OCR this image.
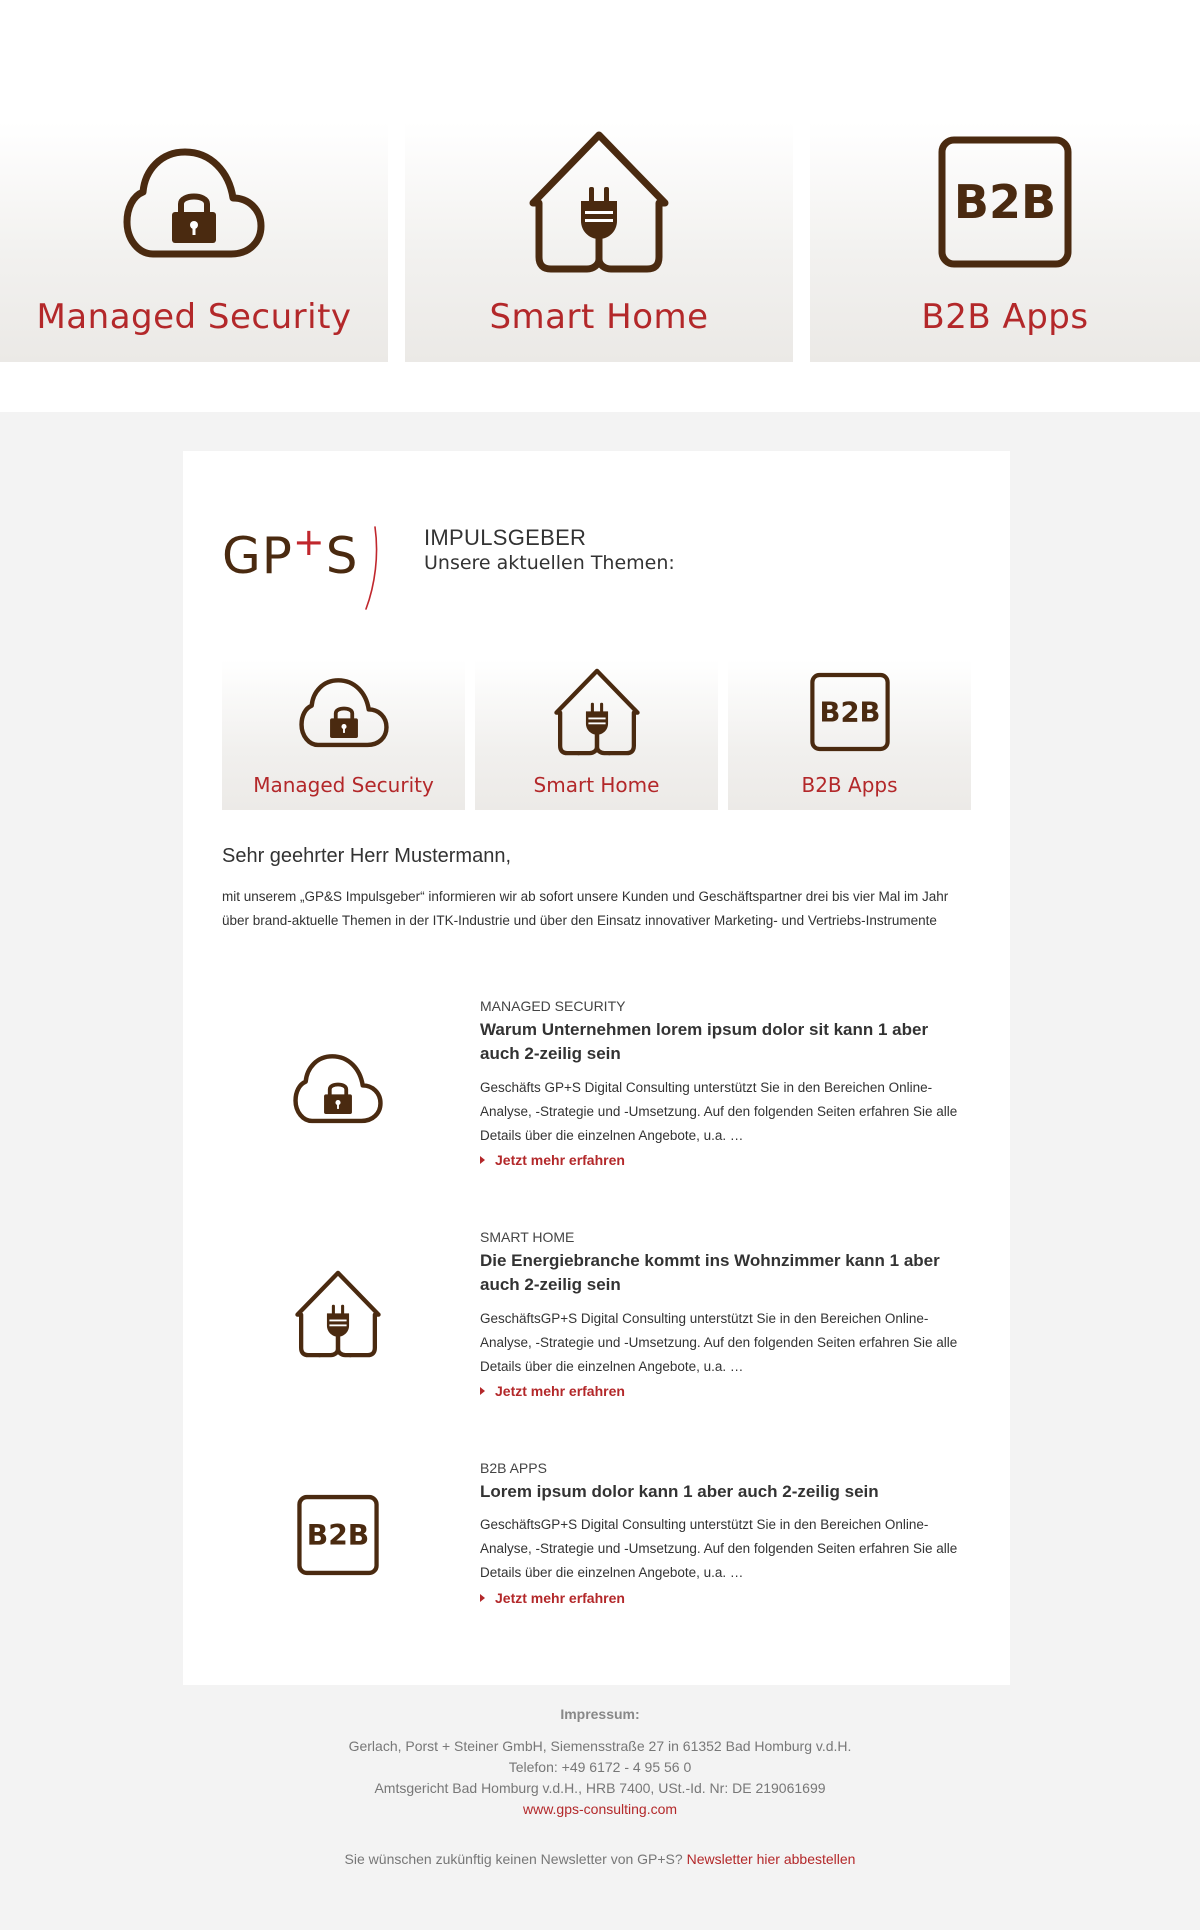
Managed Security	Smart Home
B2B
B2B Apps
GP+S	IMPULSGEBER
Unsere aktuellen Themen:
Managed Security	Smart Home
B2B
B2B Apps
Sehr geehrter Herr Mustermann,
mit unserem „GP&S Impulsgeber“ informieren wir ab sofort unsere Kunden und Geschäftspartner drei bis vier Mal im Jahr über brand-aktuelle Themen in der ITK-Industrie und über den Einsatz innovativer Marketing- und Vertriebs-Instrumente
MANAGED SECURITY
Warum Unternehmen lorem ipsum dolor sit kann 1 aber auch 2-zeilig sein
Geschäfts GP+S Digital Consulting unterstützt Sie in den Bereichen Online-Analyse, -Strategie und -Umsetzung. Auf den folgenden Seiten erfahren Sie alle Details über die einzelnen Angebote, u.a. …
Jetzt mehr erfahren
SMART HOME
Die Energiebranche kommt ins Wohnzimmer kann 1 aber auch 2-zeilig sein
GeschäftsGP+S Digital Consulting unterstützt Sie in den Bereichen Online-Analyse, -Strategie und -Umsetzung. Auf den folgenden Seiten erfahren Sie alle Details über die einzelnen Angebote, u.a. …
Jetzt mehr erfahren
B2B
B2B APPS
Lorem ipsum dolor kann 1 aber auch 2-zeilig sein
GeschäftsGP+S Digital Consulting unterstützt Sie in den Bereichen Online-Analyse, -Strategie und -Umsetzung. Auf den folgenden Seiten erfahren Sie alle Details über die einzelnen Angebote, u.a. …
Jetzt mehr erfahren
Impressum:
Gerlach, Porst + Steiner GmbH, Siemensstraße 27 in 61352 Bad Homburg v.d.H.
Telefon: +49 6172 - 4 95 56 0
Amtsgericht Bad Homburg v.d.H., HRB 7400, USt.-Id. Nr: DE 219061699
www.gps-consulting.com
Sie wünschen zukünftig keinen Newsletter von GP+S? Newsletter hier abbestellen
